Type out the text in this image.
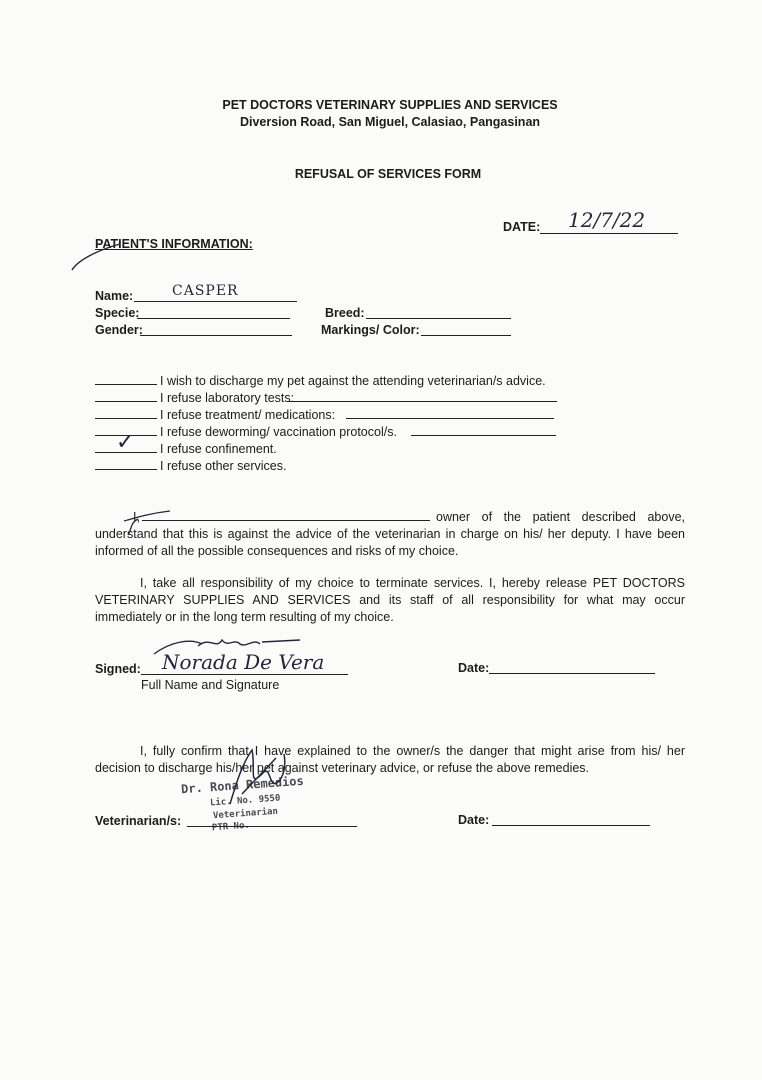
PET DOCTORS VETERINARY SUPPLIES AND SERVICES
Diversion Road, San Miguel, Calasiao, Pangasinan
REFUSAL OF SERVICES FORM
DATE: 12/7/22
PATIENT'S INFORMATION:
Name:	CASPER
Specie:	Breed:
Gender:	Markings/ Color:
I wish to discharge my pet against the attending veterinarian/s advice.
I refuse laboratory tests:
I refuse treatment/ medications:
I refuse deworming/ vaccination protocol/s.
I refuse confinement.
✓
I refuse other services.
I,	owner of the patient described above, understand that this is against the advice of the veterinarian in charge on his/ her deputy. I have been informed of all the possible consequences and risks of my choice.
I, take all responsibility of my choice to terminate services. I, hereby release PET DOCTORS VETERINARY SUPPLIES AND SERVICES and its staff of all responsibility for what may occur immediately or in the long term resulting of my choice.
Signed: Norada De Vera
Full Name and Signature
Date:
I, fully confirm that I have explained to the owner/s the danger that might arise from his/ her decision to discharge his/her pet against veterinary advice, or refuse the above remedies.
Dr. Rona Remedios
Lic. No. 9550
Veterinarian
PTR No.
Veterinarian/s:	Date:
